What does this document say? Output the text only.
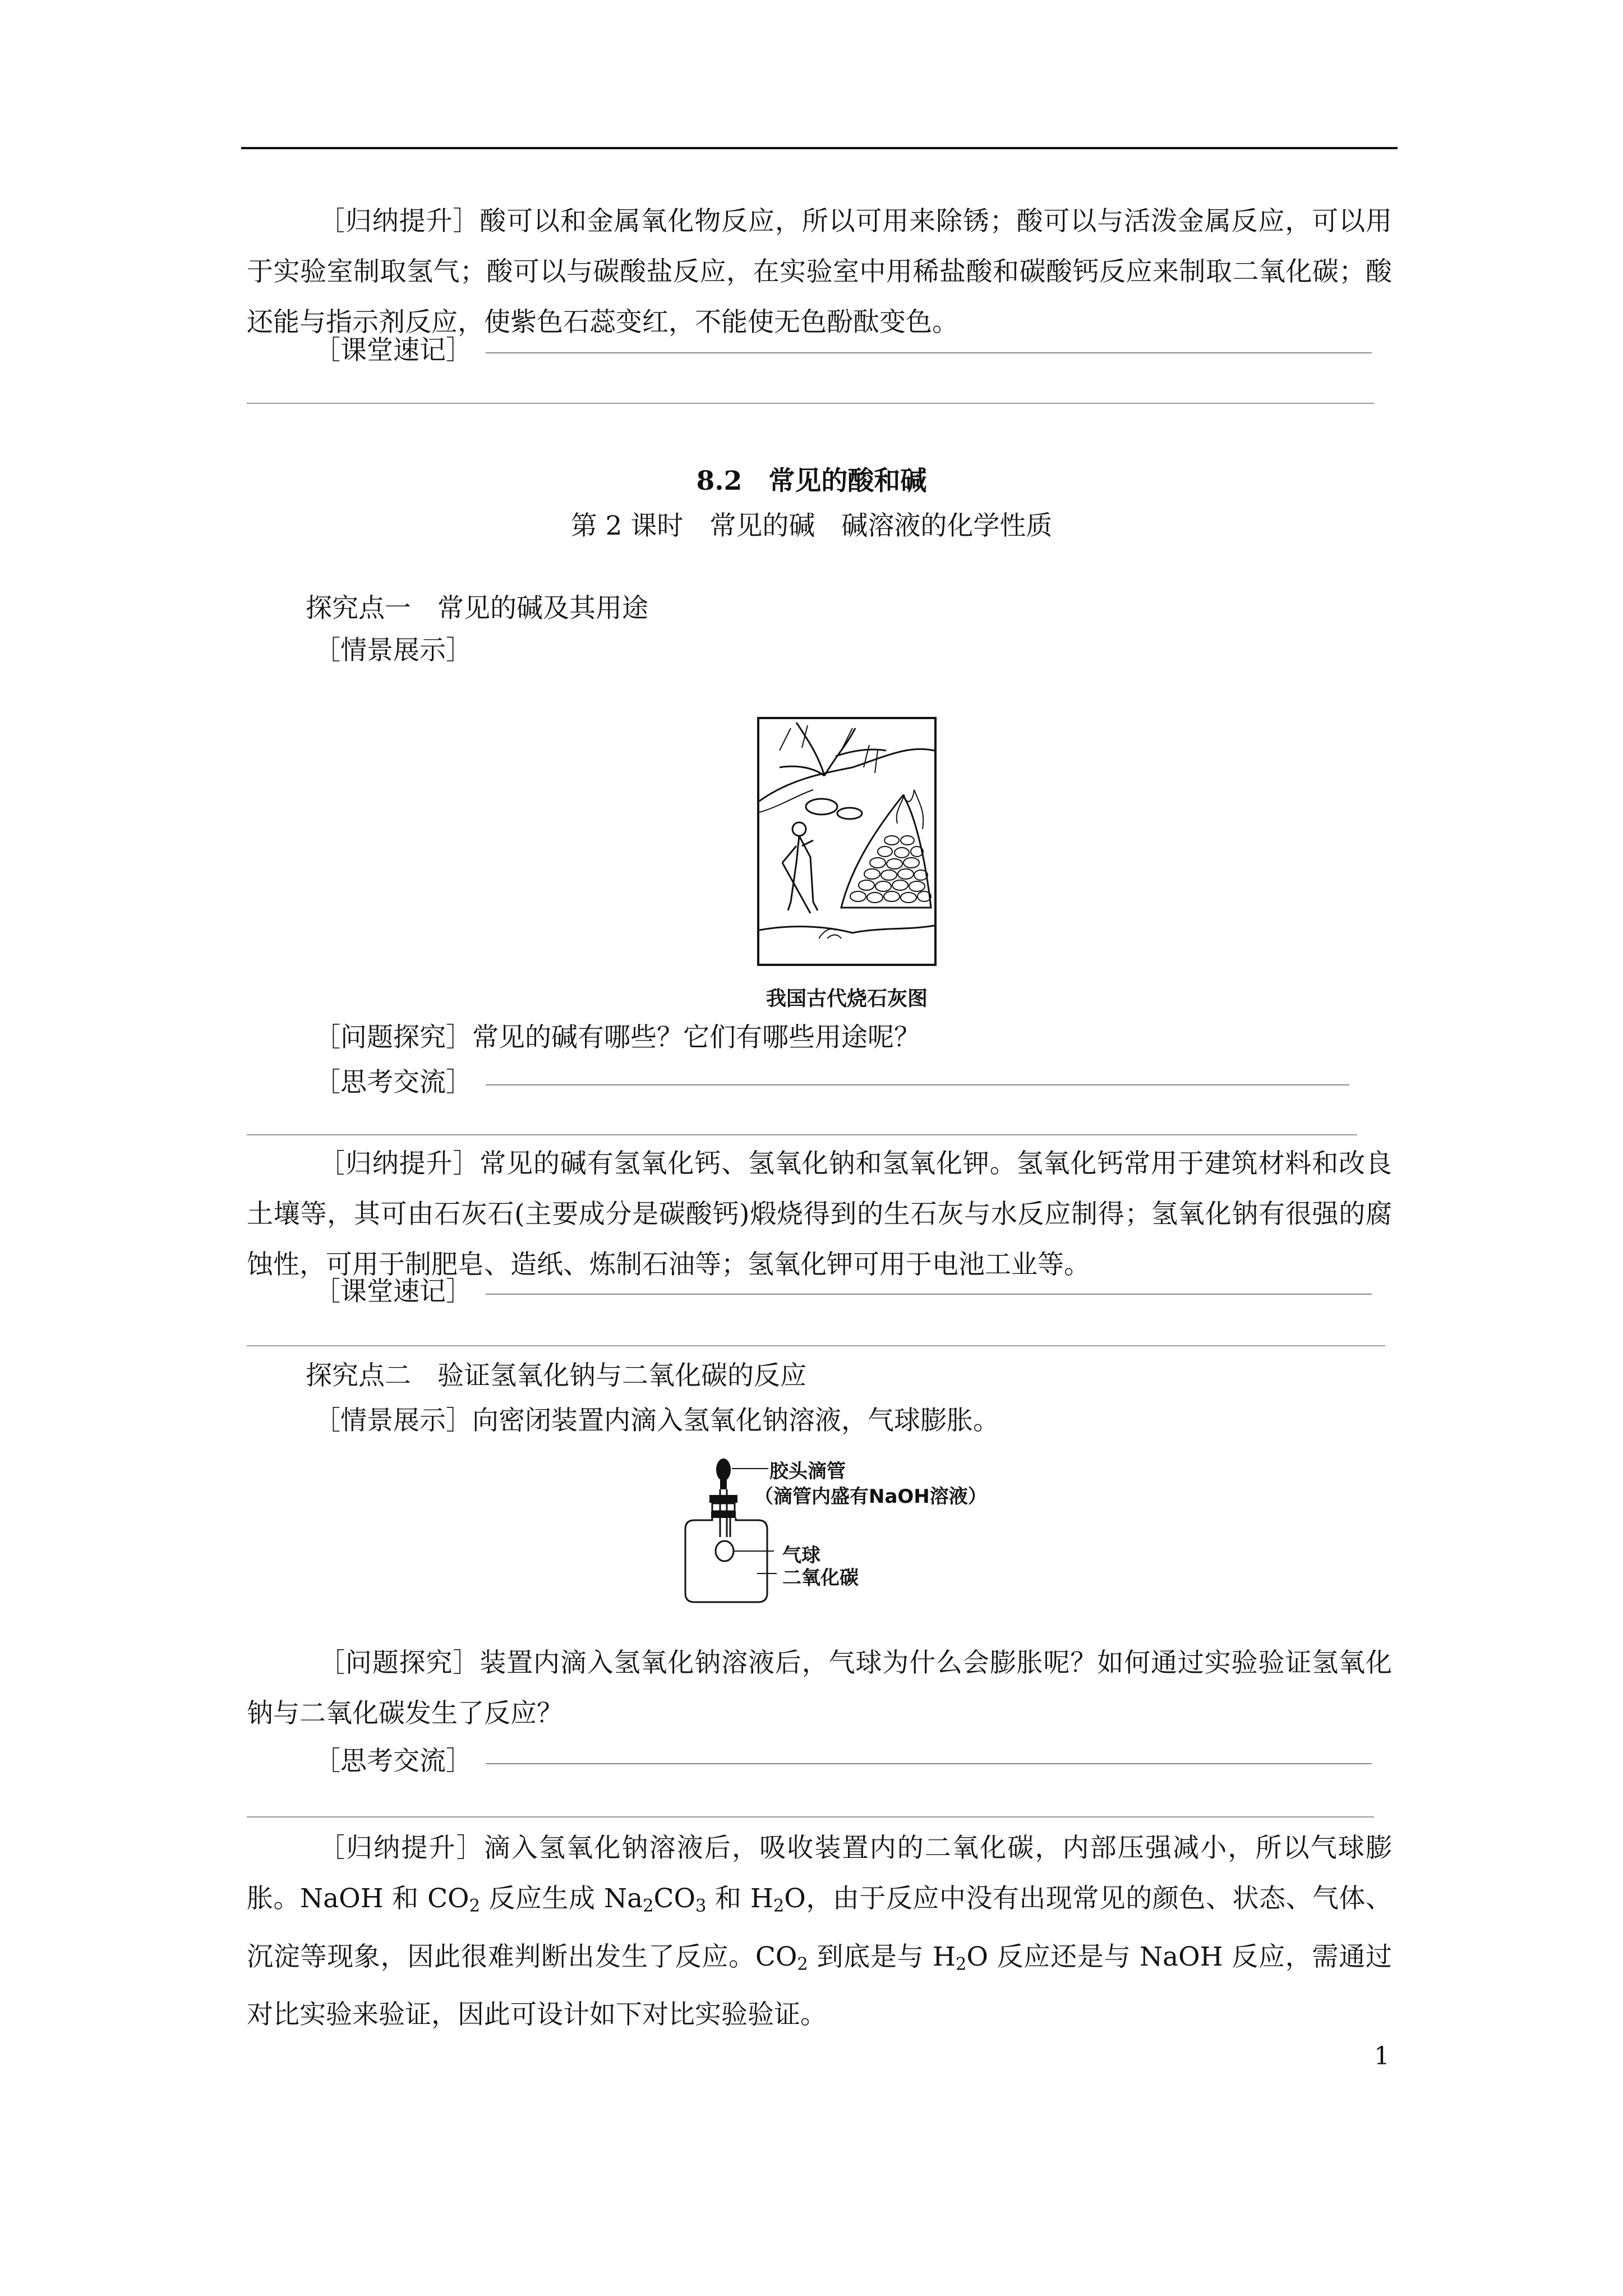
［归纳提升］酸可以和金属氧化物反应，所以可用来除锈；酸可以与活泼金属反应，可以用于实验室制取氢气；酸可以与碳酸盐反应，在实验室中用稀盐酸和碳酸钙反应来制取二氧化碳；酸还能与指示剂反应，使紫色石蕊变红，不能使无色酚酞变色。
［课堂速记］
8.2　常见的酸和碱
第 2 课时　常见的碱　碱溶液的化学性质
探究点一　常见的碱及其用途
［情景展示］
我国古代烧石灰图
［问题探究］常见的碱有哪些？它们有哪些用途呢？
［思考交流］
［归纳提升］常见的碱有氢氧化钙、氢氧化钠和氢氧化钾。氢氧化钙常用于建筑材料和改良土壤等，其可由石灰石(主要成分是碳酸钙)煅烧得到的生石灰与水反应制得；氢氧化钠有很强的腐蚀性，可用于制肥皂、造纸、炼制石油等；氢氧化钾可用于电池工业等。
［课堂速记］
探究点二　验证氢氧化钠与二氧化碳的反应
［情景展示］向密闭装置内滴入氢氧化钠溶液，气球膨胀。
胶头滴管
（滴管内盛有NaOH溶液）
气球
二氧化碳
［问题探究］装置内滴入氢氧化钠溶液后，气球为什么会膨胀呢？如何通过实验验证氢氧化钠与二氧化碳发生了反应？
［思考交流］
［归纳提升］滴入氢氧化钠溶液后，吸收装置内的二氧化碳，内部压强减小，所以气球膨胀。NaOH 和 $CO_2$ 反应生成 $Na_2CO_3$ 和 $H_2O$，由于反应中没有出现常见的颜色、状态、气体、沉淀等现象，因此很难判断出发生了反应。$CO_2$ 到底是与 $H_2O$ 反应还是与 NaOH 反应，需通过对比实验来验证，因此可设计如下对比实验验证。
1
